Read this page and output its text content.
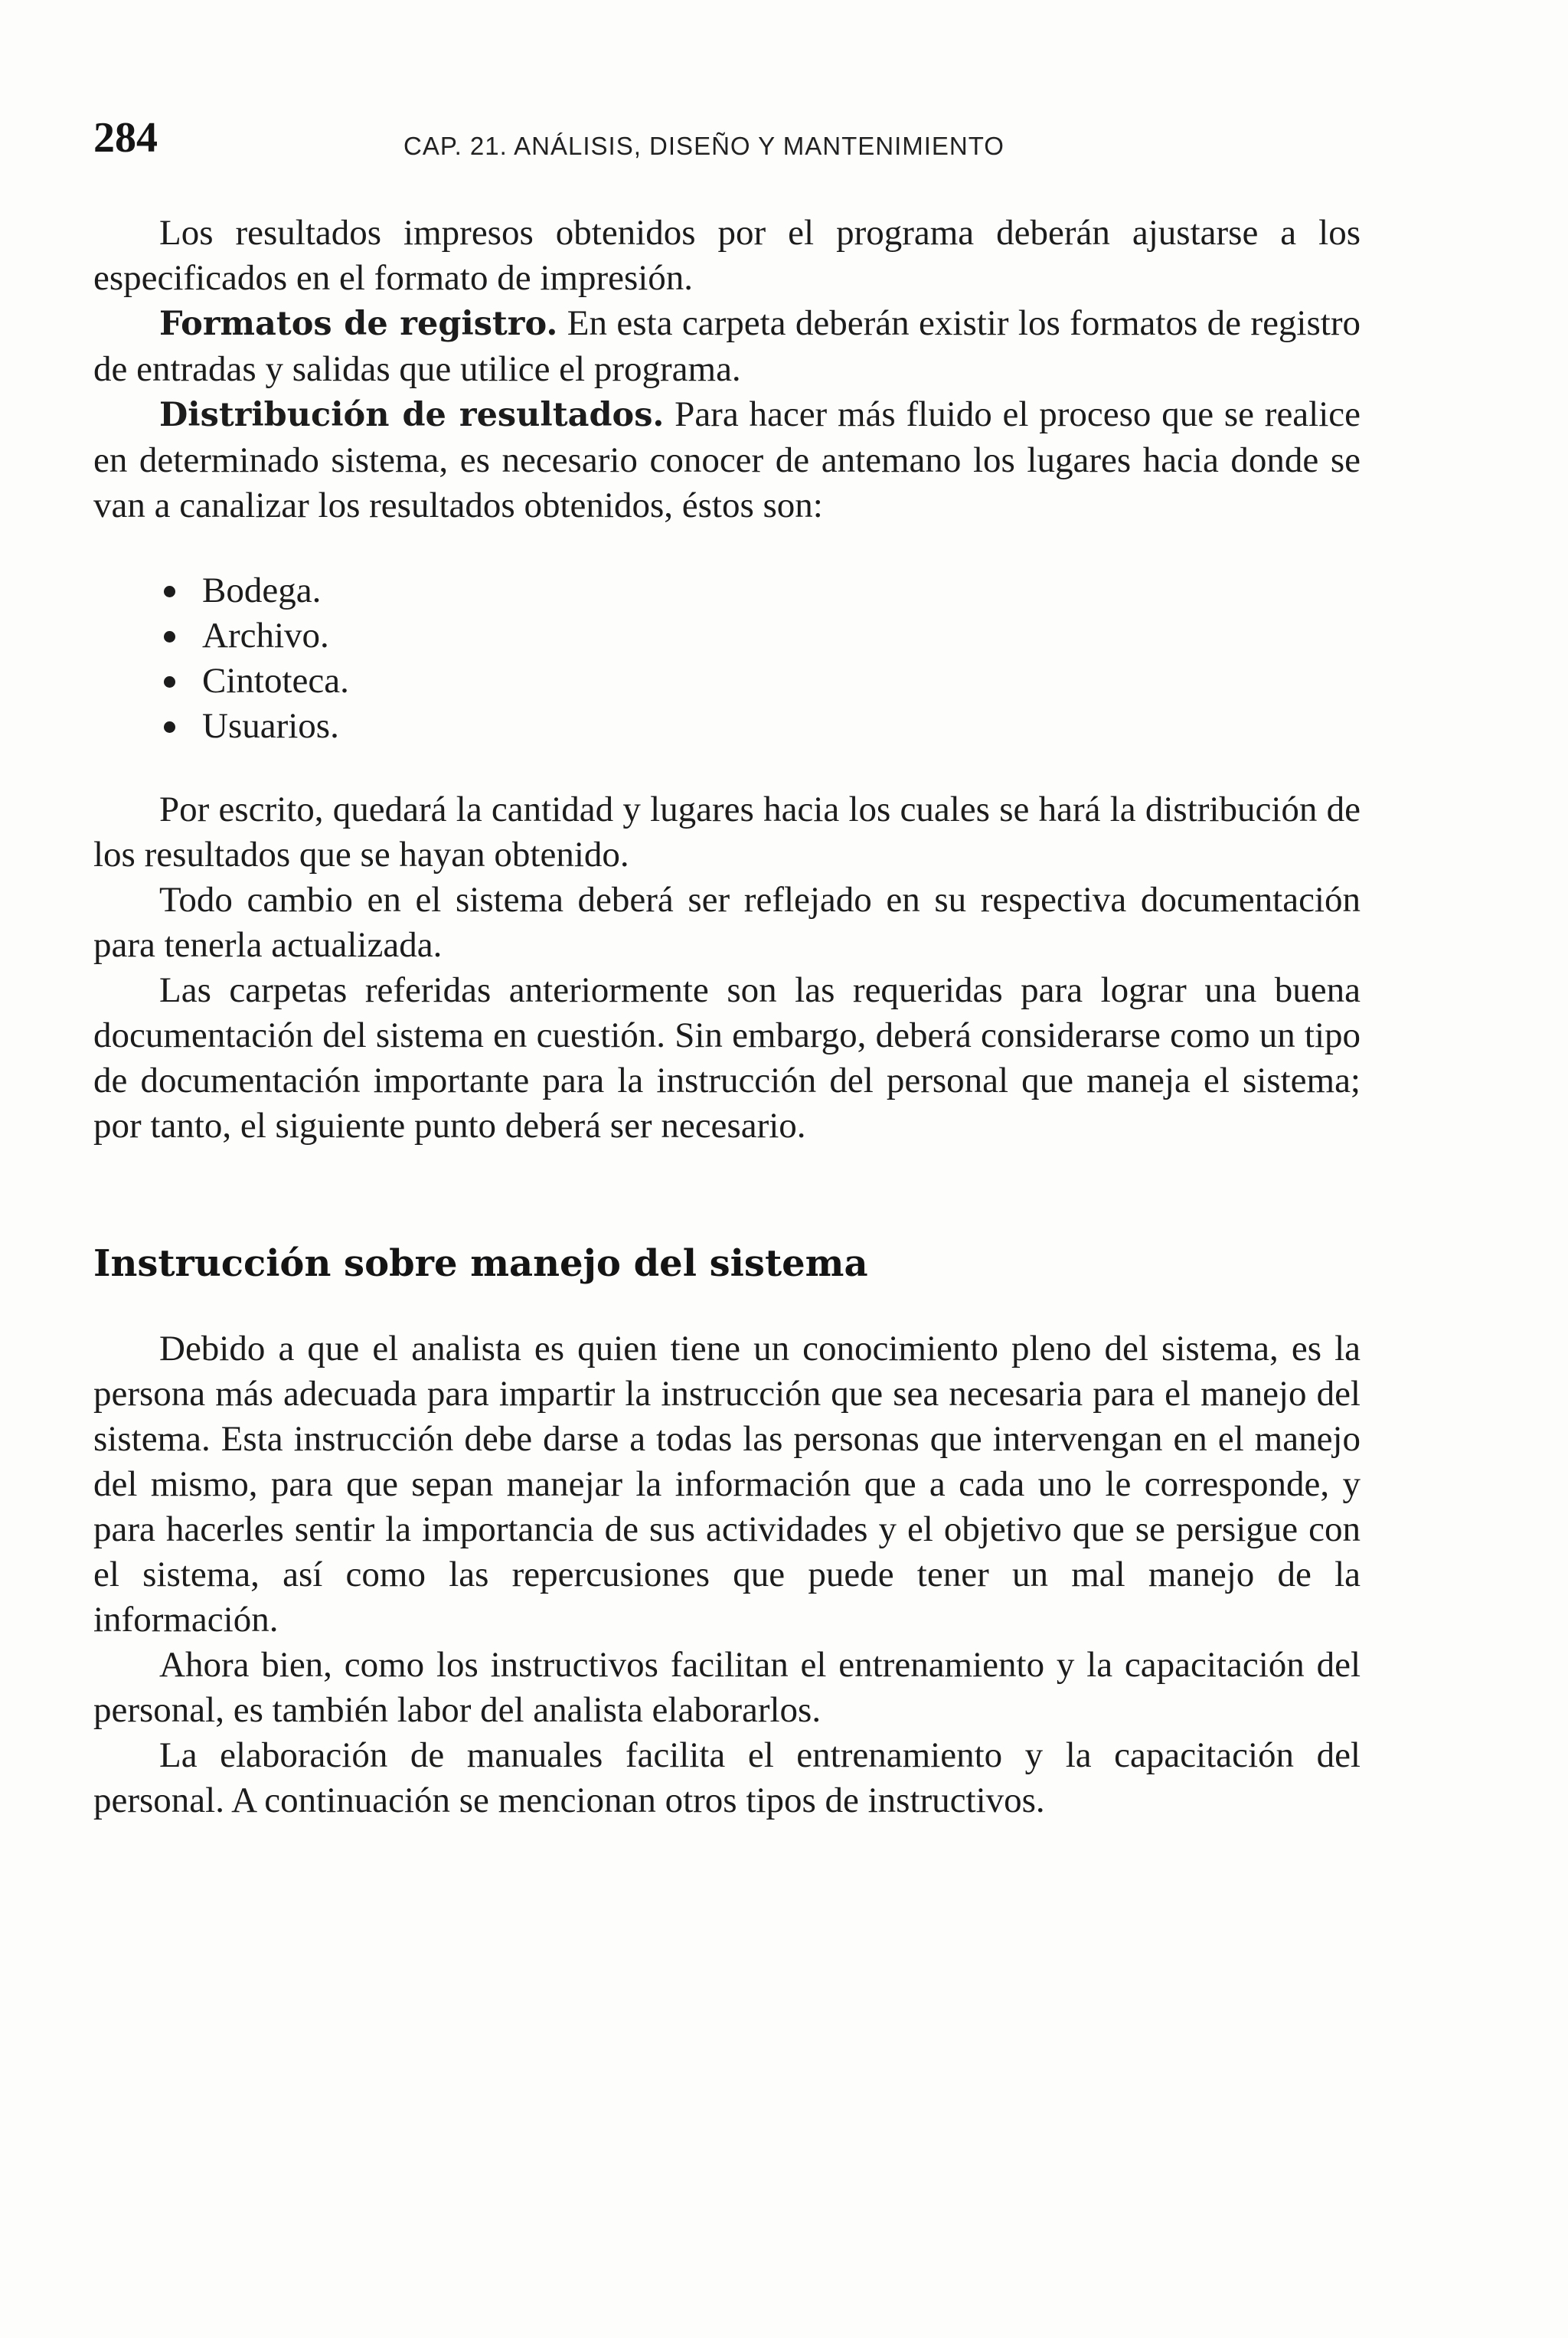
284	CAP. 21. ANÁLISIS, DISEÑO Y MANTENIMIENTO

Los resultados impresos obtenidos por el programa deberán ajustarse a los especificados en el formato de impresión.

Formatos de registro. En esta carpeta deberán existir los formatos de registro de entradas y salidas que utilice el programa.

Distribución de resultados. Para hacer más fluido el proceso que se realice en determinado sistema, es necesario conocer de antemano los lugares hacia donde se van a canalizar los resultados obtenidos, éstos son:

Bodega.
Archivo.
Cintoteca.
Usuarios.

Por escrito, quedará la cantidad y lugares hacia los cuales se hará la distribución de los resultados que se hayan obtenido.

Todo cambio en el sistema deberá ser reflejado en su respectiva documentación para tenerla actualizada.

Las carpetas referidas anteriormente son las requeridas para lograr una buena documentación del sistema en cuestión. Sin embargo, deberá considerarse como un tipo de documentación importante para la instrucción del personal que maneja el sistema; por tanto, el siguiente punto deberá ser necesario.

Instrucción sobre manejo del sistema

Debido a que el analista es quien tiene un conocimiento pleno del sistema, es la persona más adecuada para impartir la instrucción que sea necesaria para el manejo del sistema. Esta instrucción debe darse a todas las personas que intervengan en el manejo del mismo, para que sepan manejar la información que a cada uno le corresponde, y para hacerles sentir la importancia de sus actividades y el objetivo que se persigue con el sistema, así como las repercusiones que puede tener un mal manejo de la información.

Ahora bien, como los instructivos facilitan el entrenamiento y la capacitación del personal, es también labor del analista elaborarlos.

La elaboración de manuales facilita el entrenamiento y la capacitación del personal. A continuación se mencionan otros tipos de instructivos.
